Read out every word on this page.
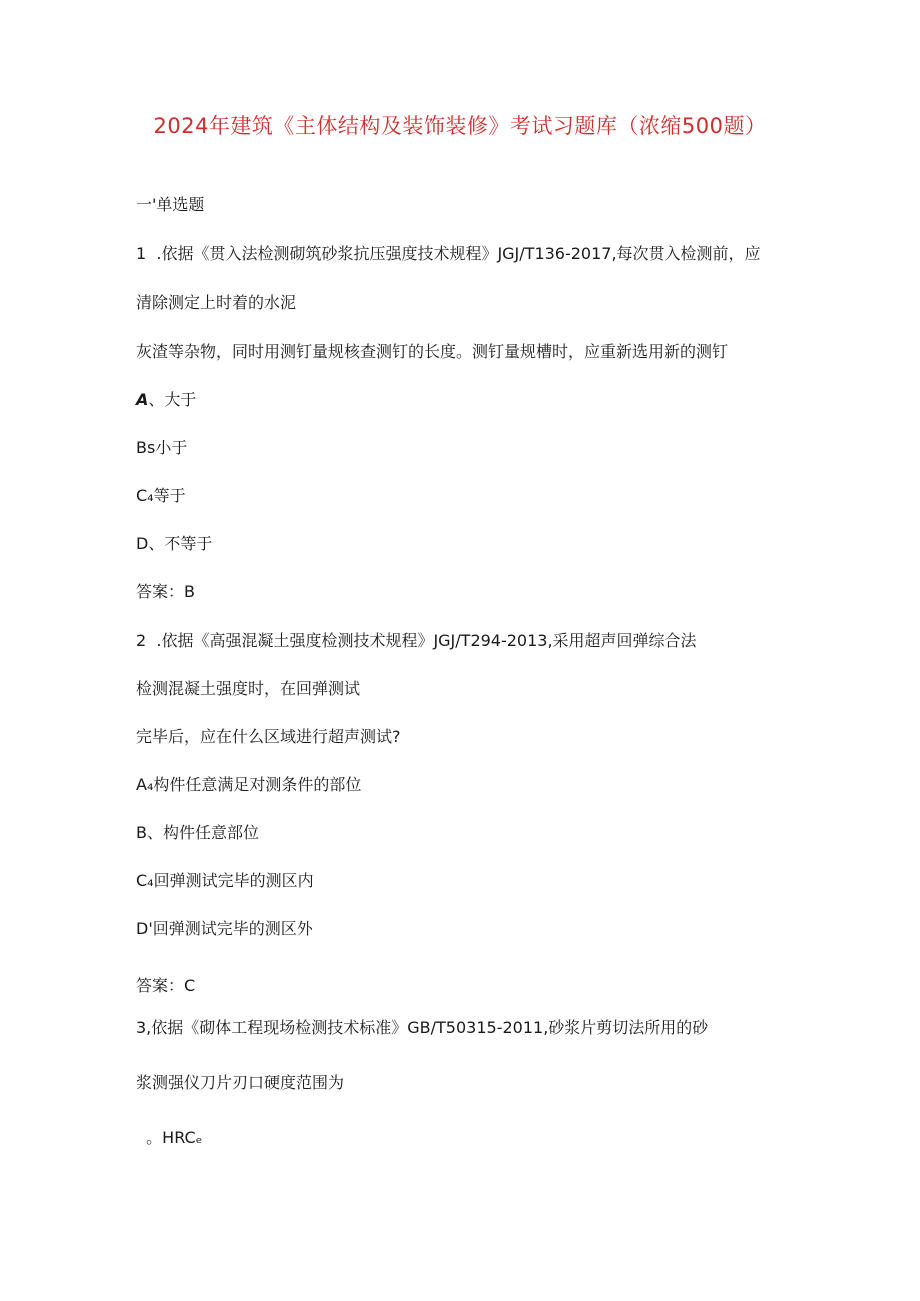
2024年建筑《主体结构及装饰装修》考试习题库（浓缩500题）
一'单选题
1  .依据《贯入法检测砌筑砂浆抗压强度技术规程》JGJ/T136-2017,每次贯入检测前，应
清除测定上时着的水泥
灰渣等杂物，同时用测钉量规核查测钉的长度。测钉量规槽时，应重新选用新的测钉
A、大于
Bs小于
C₄等于
D、不等于
答案：B
2  .依据《高强混凝土强度检测技术规程》JGJ/T294-2013,采用超声回弹综合法
检测混凝土强度时，在回弹测试
完毕后，应在什么区域进行超声测试?
A₄构件任意满足对测条件的部位
B、构件任意部位
C₄回弹测试完毕的测区内
D'回弹测试完毕的测区外
答案：C
3,依据《砌体工程现场检测技术标准》GB/T50315-2011,砂浆片剪切法所用的砂
浆测强仪刀片刃口硬度范围为
。HRCₑ
